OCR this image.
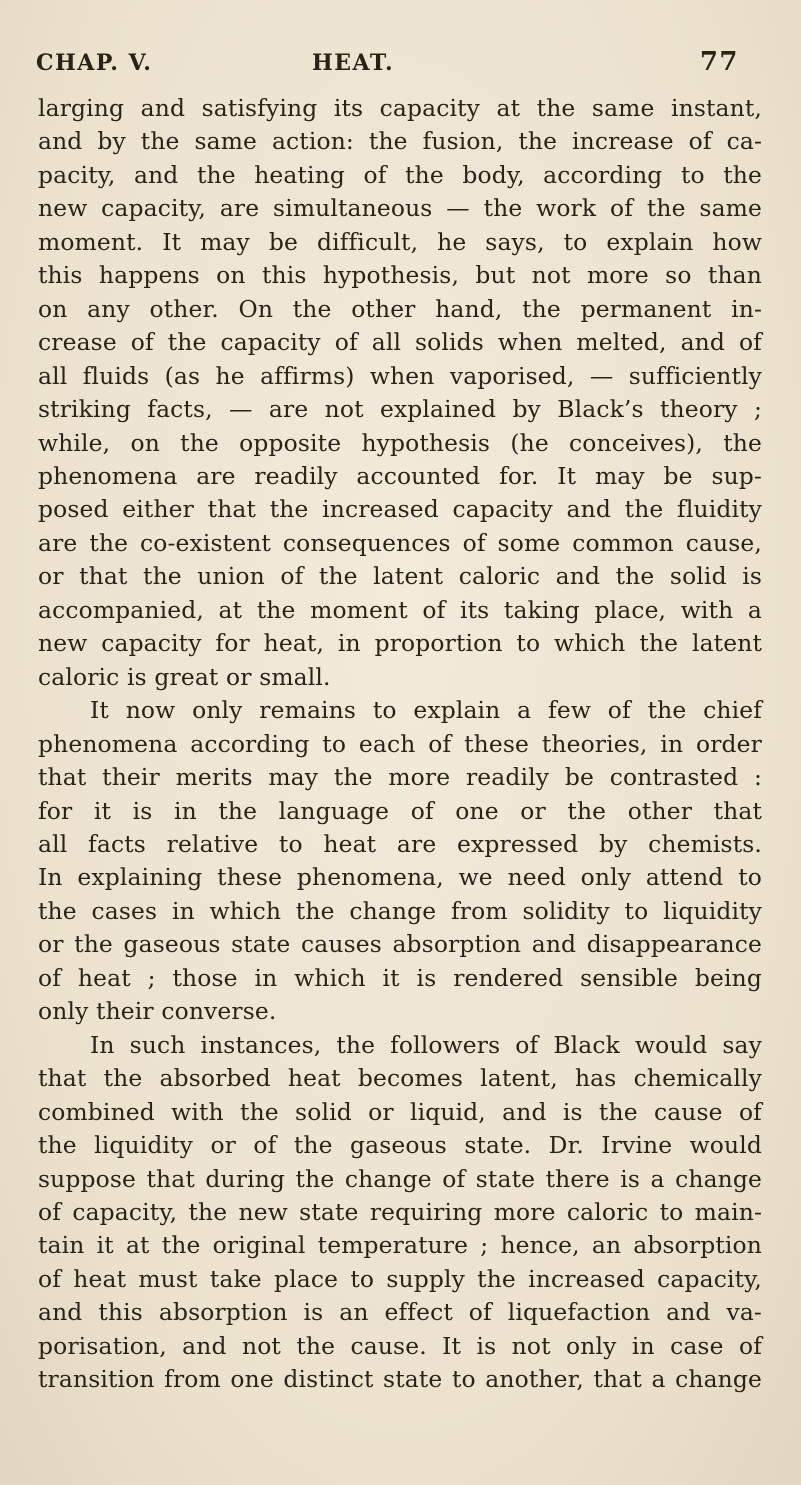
CHAP. V.	HEAT.	77
larging and satisfying its capacity at the same instant,
and by the same action: the fusion, the increase of ca-
pacity, and the heating of the body, according to the
new capacity, are simultaneous — the work of the same
moment. It may be difficult, he says, to explain how
this happens on this hypothesis, but not more so than
on any other. On the other hand, the permanent in-
crease of the capacity of all solids when melted, and of
all fluids (as he affirms) when vaporised, — sufficiently
striking facts, — are not explained by Black’s theory ;
while, on the opposite hypothesis (he conceives), the
phenomena are readily accounted for. It may be sup-
posed either that the increased capacity and the fluidity
are the co-existent consequences of some common cause,
or that the union of the latent caloric and the solid is
accompanied, at the moment of its taking place, with a
new capacity for heat, in proportion to which the latent
caloric is great or small.
It now only remains to explain a few of the chief
phenomena according to each of these theories, in order
that their merits may the more readily be contrasted :
for it is in the language of one or the other that
all facts relative to heat are expressed by chemists.
In explaining these phenomena, we need only attend to
the cases in which the change from solidity to liquidity
or the gaseous state causes absorption and disappearance
of heat ; those in which it is rendered sensible being
only their converse.
In such instances, the followers of Black would say
that the absorbed heat becomes latent, has chemically
combined with the solid or liquid, and is the cause of
the liquidity or of the gaseous state. Dr. Irvine would
suppose that during the change of state there is a change
of capacity, the new state requiring more caloric to main-
tain it at the original temperature ; hence, an absorption
of heat must take place to supply the increased capacity,
and this absorption is an effect of liquefaction and va-
porisation, and not the cause. It is not only in case of
transition from one distinct state to another, that a change
